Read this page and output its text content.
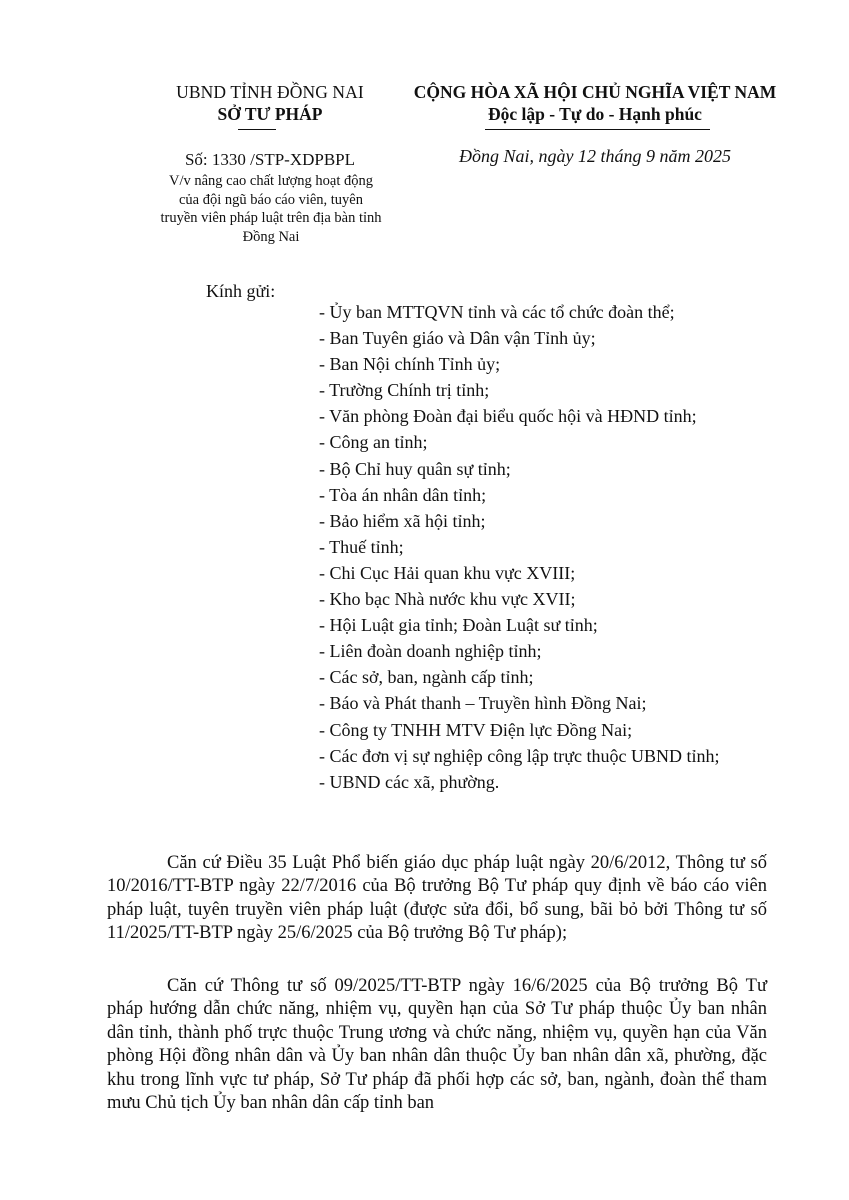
UBND TỈNH ĐỒNG NAI
SỞ TƯ PHÁP
CỘNG HÒA XÃ HỘI CHỦ NGHĨA VIỆT NAM
Độc lập - Tự do - Hạnh phúc
Số: 1330 /STP-XDPBPL	Đồng Nai, ngày 12 tháng 9 năm 2025
V/v nâng cao chất lượng hoạt động của đội ngũ báo cáo viên, tuyên truyền viên pháp luật trên địa bàn tỉnh Đồng Nai
Kính gửi:
- Ủy ban MTTQVN tỉnh và các tổ chức đoàn thể;
- Ban Tuyên giáo và Dân vận Tỉnh ủy;
- Ban Nội chính Tỉnh ủy;
- Trường Chính trị tỉnh;
- Văn phòng Đoàn đại biểu quốc hội và HĐND tỉnh;
- Công an tỉnh;
- Bộ Chỉ huy quân sự tỉnh;
- Tòa án nhân dân tỉnh;
- Bảo hiểm xã hội tỉnh;
- Thuế tỉnh;
- Chi Cục Hải quan khu vực XVIII;
- Kho bạc Nhà nước khu vực XVII;
- Hội Luật gia tỉnh; Đoàn Luật sư tỉnh;
- Liên đoàn doanh nghiệp tỉnh;
- Các sở, ban, ngành cấp tỉnh;
- Báo và Phát thanh – Truyền hình Đồng Nai;
- Công ty TNHH MTV Điện lực Đồng Nai;
- Các đơn vị sự nghiệp công lập trực thuộc UBND tỉnh;
- UBND các xã, phường.

Căn cứ Điều 35 Luật Phổ biến giáo dục pháp luật ngày 20/6/2012, Thông tư số 10/2016/TT-BTP ngày 22/7/2016 của Bộ trưởng Bộ Tư pháp quy định về báo cáo viên pháp luật, tuyên truyền viên pháp luật (được sửa đổi, bổ sung, bãi bỏ bởi Thông tư số 11/2025/TT-BTP ngày 25/6/2025 của Bộ trưởng Bộ Tư pháp);

Căn cứ Thông tư số 09/2025/TT-BTP ngày 16/6/2025 của Bộ trưởng Bộ Tư pháp hướng dẫn chức năng, nhiệm vụ, quyền hạn của Sở Tư pháp thuộc Ủy ban nhân dân tỉnh, thành phố trực thuộc Trung ương và chức năng, nhiệm vụ, quyền hạn của Văn phòng Hội đồng nhân dân và Ủy ban nhân dân thuộc Ủy ban nhân dân xã, phường, đặc khu trong lĩnh vực tư pháp, Sở Tư pháp đã phối hợp các sở, ban, ngành, đoàn thể tham mưu Chủ tịch Ủy ban nhân dân cấp tỉnh ban
